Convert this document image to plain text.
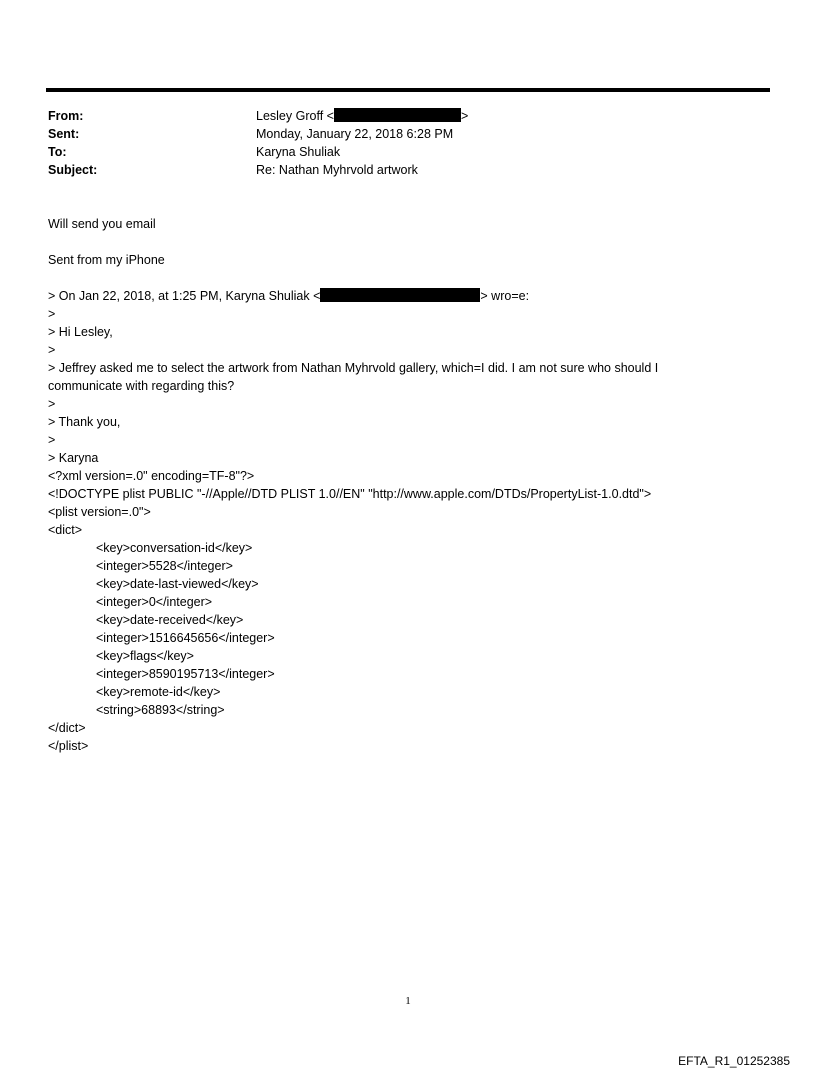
From:	Lesley Groff <	>
Sent:	Monday, January 22, 2018 6:28 PM
To:	Karyna Shuliak
Subject:	Re: Nathan Myhrvold artwork
Will send you email
Sent from my iPhone
> On Jan 22, 2018, at 1:25 PM, Karyna Shuliak <	> wro=e:
>
> Hi Lesley,
>
> Jeffrey asked me to select the artwork from Nathan Myhrvold gallery, which=I did. I am not sure who should I
communicate with regarding this?
>
> Thank you,
>
> Karyna
<?xml version=.0" encoding=TF-8"?>
<!DOCTYPE plist PUBLIC "-//Apple//DTD PLIST 1.0//EN" "http://www.apple.com/DTDs/PropertyList-1.0.dtd">
<plist version=.0">
<dict>
<key>conversation-id</key>
<integer>5528</integer>
<key>date-last-viewed</key>
<integer>0</integer>
<key>date-received</key>
<integer>1516645656</integer>
<key>flags</key>
<integer>8590195713</integer>
<key>remote-id</key>
<string>68893</string>
</dict>
</plist>
1
EFTA_R1_01252385
